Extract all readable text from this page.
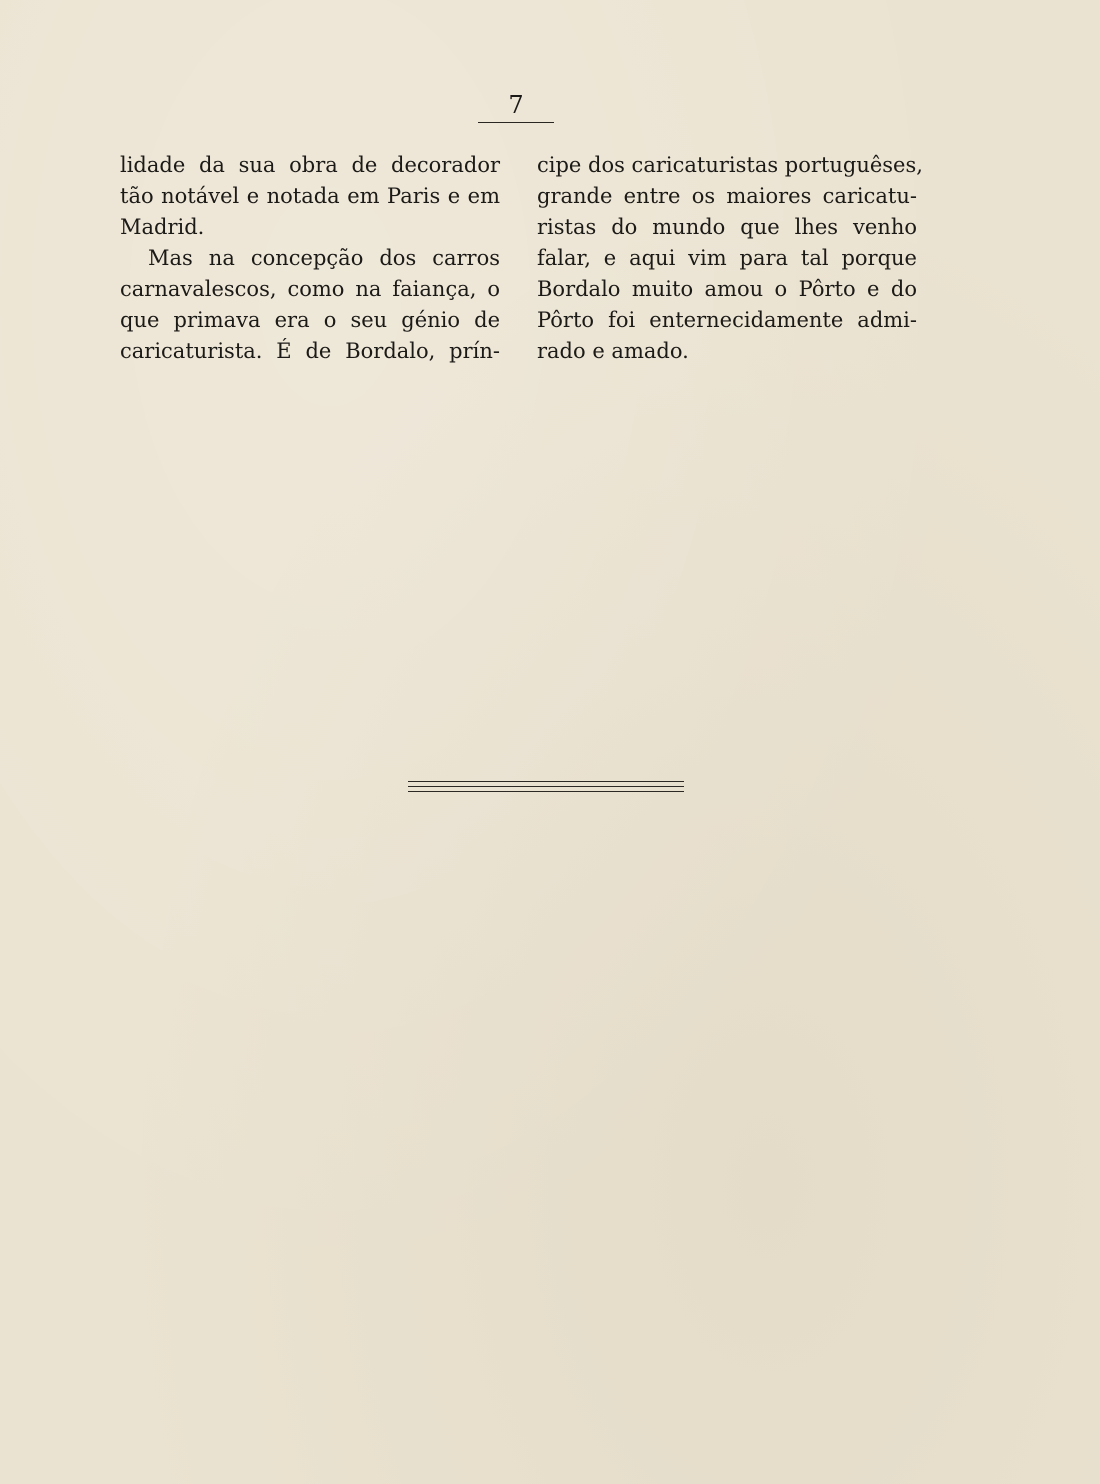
7
lidade da sua obra de decorador
tão notável e notada em Paris e em
Madrid.
Mas na concepção dos carros
carnavalescos, como na faiança, o
que primava era o seu génio de
caricaturista. É de Bordalo, prín-
cipe dos caricaturistas portuguêses,
grande entre os maiores caricatu-
ristas do mundo que lhes venho
falar, e aqui vim para tal porque
Bordalo muito amou o Pôrto e do
Pôrto foi enternecidamente admi-
rado e amado.
